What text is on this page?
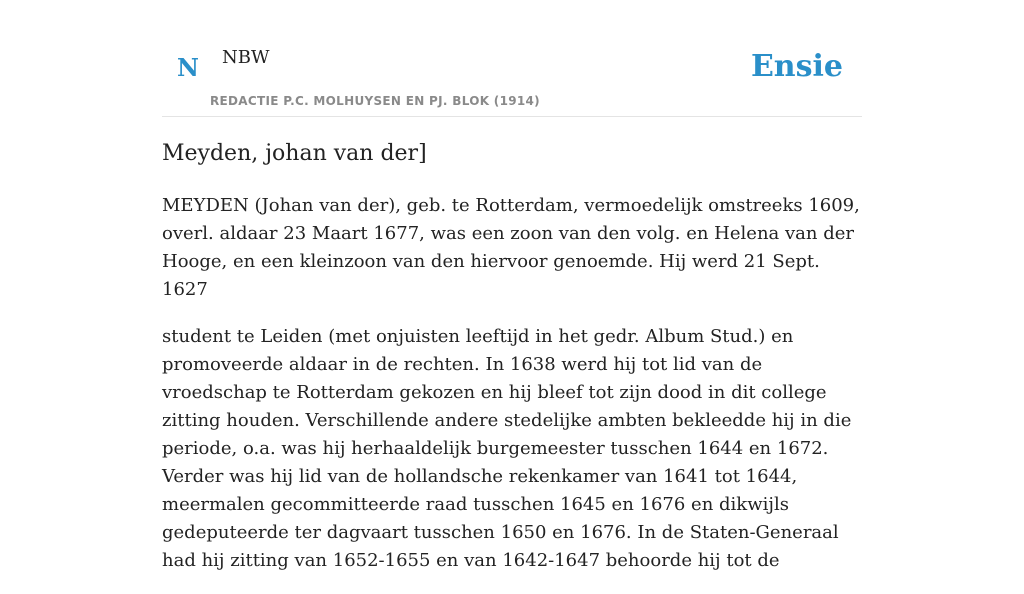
N NBW
REDACTIE P.C. MOLHUYSEN EN PJ. BLOK (1914)
Ensie
Meyden, johan van der]

MEYDEN (Johan van der), geb. te Rotterdam, vermoedelijk omstreeks 1609, overl. aldaar 23 Maart 1677, was een zoon van den volg. en Helena van der Hooge, en een kleinzoon van den hiervoor genoemde. Hij werd 21 Sept. 1627

student te Leiden (met onjuisten leeftijd in het gedr. Album Stud.) en promoveerde aldaar in de rechten. In 1638 werd hij tot lid van de vroedschap te Rotterdam gekozen en hij bleef tot zijn dood in dit college zitting houden. Verschillende andere stedelijke ambten bekleedde hij in die periode, o.a. was hij herhaaldelijk burgemeester tusschen 1644 en 1672. Verder was hij lid van de hollandsche rekenkamer van 1641 tot 1644, meermalen gecommitteerde raad tusschen 1645 en 1676 en dikwijls gedeputeerde ter dagvaart tusschen 1650 en 1676. In de Staten-Generaal had hij zitting van 1652-1655 en van 1642-1647 behoorde hij tot de
